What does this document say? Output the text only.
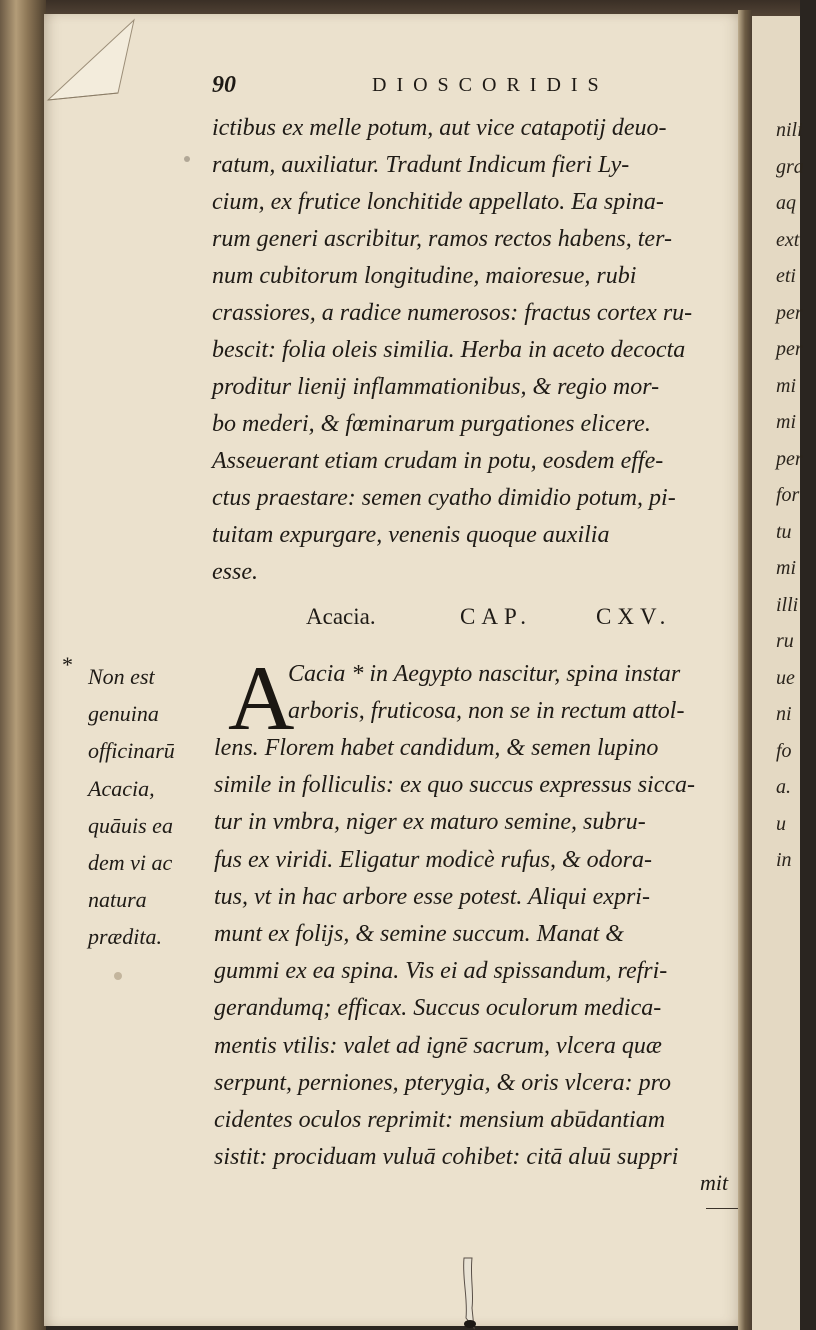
nili
gra
aq
ext
eti
per
per
mi
mi
per
for
tu
mi
illi
ru
ue
ni
fo
a.
u
in
90	DIOSCORIDIS
ictibus ex melle potum, aut vice catapotij deuo-
ratum, auxiliatur. Tradunt Indicum fieri Ly-
cium, ex frutice lonchitide appellato. Ea spina-
rum generi ascribitur, ramos rectos habens, ter-
num cubitorum longitudine, maioresue, rubi
crassiores, a radice numerosos: fractus cortex ru-
bescit: folia oleis similia. Herba in aceto decocta
proditur lienij inflammationibus, & regio mor-
bo mederi, & fœminarum purgationes elicere.
Asseuerant etiam crudam in potu, eosdem effe-
ctus praestare: semen cyatho dimidio potum, pi-
tuitam expurgare, venenis quoque auxilia
esse.
Acacia.	CAP.	CXV.
* Non est
genuina
officinarū
Acacia,
quāuis ea
dem vi ac
natura
prædita.
A
Cacia * in Aegypto nascitur, spina instar
arboris, fruticosa, non se in rectum attol-
lens. Florem habet candidum, & semen lupino
simile in folliculis: ex quo succus expressus sicca-
tur in vmbra, niger ex maturo semine, subru-
fus ex viridi. Eligatur modicè rufus, & odora-
tus, vt in hac arbore esse potest. Aliqui expri-
munt ex folijs, & semine succum. Manat &
gummi ex ea spina. Vis ei ad spissandum, refri-
gerandumq; efficax. Succus oculorum medica-
mentis vtilis: valet ad ignē sacrum, vlcera quæ
serpunt, perniones, pterygia, & oris vlcera: pro
cidentes oculos reprimit: mensium abūdantiam
sistit: prociduam vuluā cohibet: citā aluū suppri
mit
